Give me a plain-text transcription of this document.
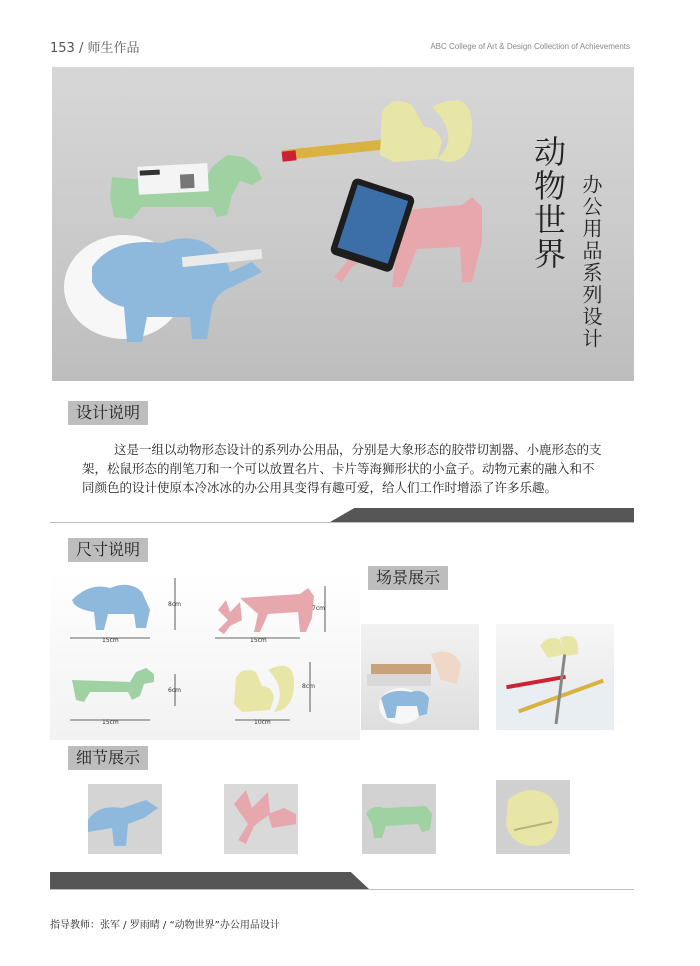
153 / 师生作品	ABC College of Art & Design Collection of Achievements
动物世界 办公用品系列设计
设计说明
这是一组以动物形态设计的系列办公用品，分别是大象形态的胶带切割器、小鹿形态的支架，松鼠形态的削笔刀和一个可以放置名片、卡片等海狮形状的小盒子。动物元素的融入和不同颜色的设计使原本冷冰冰的办公用具变得有趣可爱，给人们工作时增添了许多乐趣。
尺寸说明
15cm
8cm
15cm
7cm
15cm
6cm
10cm
8cm
场景展示
细节展示
指导教师：张军 / 罗雨晴 / “动物世界”办公用品设计
